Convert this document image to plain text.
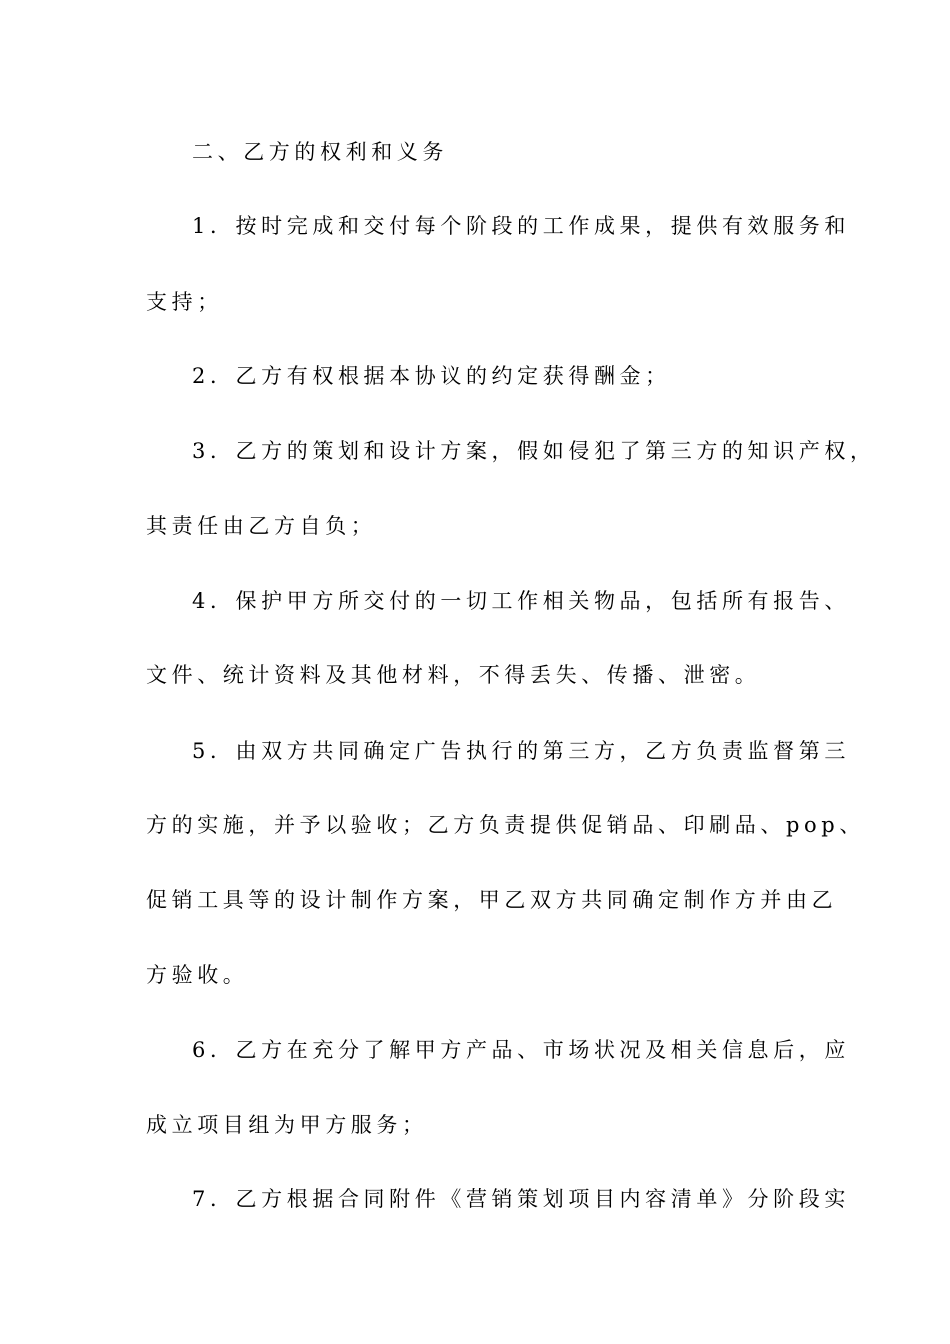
二、乙方的权利和义务
1．按时完成和交付每个阶段的工作成果，提供有效服务和
支持；
2．乙方有权根据本协议的约定获得酬金；
3．乙方的策划和设计方案，假如侵犯了第三方的知识产权，
其责任由乙方自负；
4．保护甲方所交付的一切工作相关物品，包括所有报告、
文件、统计资料及其他材料，不得丢失、传播、泄密。
5．由双方共同确定广告执行的第三方，乙方负责监督第三
方的实施，并予以验收；乙方负责提供促销品、印刷品、pop、
促销工具等的设计制作方案，甲乙双方共同确定制作方并由乙
方验收。
6．乙方在充分了解甲方产品、市场状况及相关信息后，应
成立项目组为甲方服务；
7．乙方根据合同附件《营销策划项目内容清单》分阶段实
